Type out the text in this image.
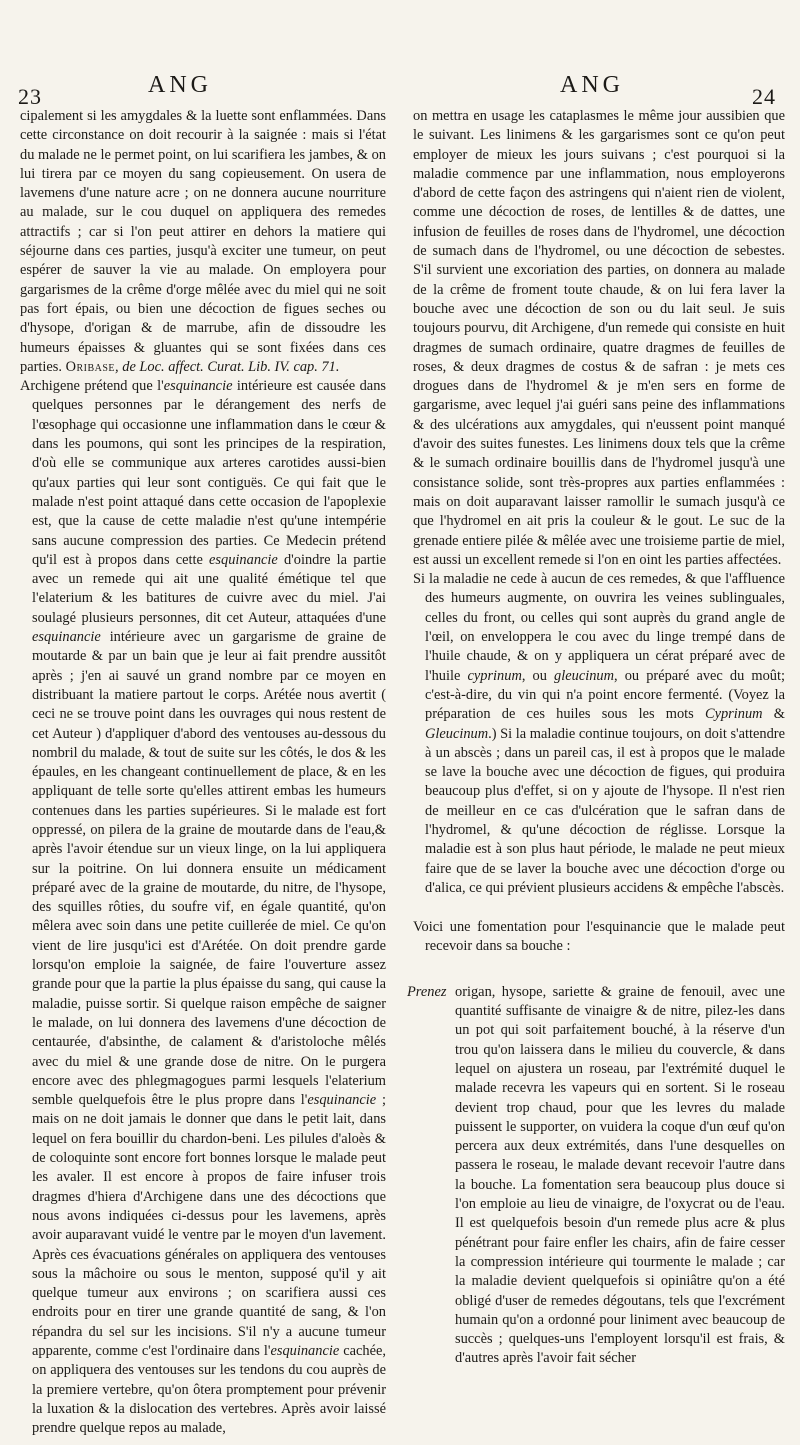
23	ANG	ANG	24

cipalement si les amygdales & la luette sont enflammées. Dans cette circonstance on doit recourir à la saignée : mais si l'état du malade ne le permet point, on lui scarifiera les jambes, & on lui tirera par ce moyen du sang copieusement. On usera de lavemens d'une nature acre ; on ne donnera aucune nourriture au malade, sur le cou duquel on appliquera des remedes attractifs ; car si l'on peut attirer en dehors la matiere qui séjourne dans ces parties, jusqu'à exciter une tumeur, on peut espérer de sauver la vie au malade. On employera pour gargarismes de la crême d'orge mêlée avec du miel qui ne soit pas fort épais, ou bien une décoction de figues seches ou d'hysope, d'origan & de marrube, afin de dissoudre les humeurs épaisses & gluantes qui se sont fixées dans ces parties. Oribase, de Loc. affect. Curat. Lib. IV. cap. 71.

Archigene prétend que l'esquinancie intérieure est causée dans quelques personnes par le dérangement des nerfs de l'œsophage qui occasionne une inflammation dans le cœur & dans les poumons, qui sont les principes de la respiration, d'où elle se communique aux arteres carotides aussi-bien qu'aux parties qui leur sont contiguës. Ce qui fait que le malade n'est point attaqué dans cette occasion de l'apoplexie est, que la cause de cette maladie n'est qu'une intempérie sans aucune compression des parties. Ce Medecin prétend qu'il est à propos dans cette esquinancie d'oindre la partie avec un remede qui ait une qualité émétique tel que l'elaterium & les batitures de cuivre avec du miel. J'ai soulagé plusieurs personnes, dit cet Auteur, attaquées d'une esquinancie intérieure avec un gargarisme de graine de moutarde & par un bain que je leur ai fait prendre aussitôt après ; j'en ai sauvé un grand nombre par ce moyen en distribuant la matiere partout le corps. Arétée nous avertit ( ceci ne se trouve point dans les ouvrages qui nous restent de cet Auteur ) d'appliquer d'abord des ventouses au-dessous du nombril du malade, & tout de suite sur les côtés, le dos & les épaules, en les changeant continuellement de place, & en les appliquant de telle sorte qu'elles attirent embas les humeurs contenues dans les parties supérieures. Si le malade est fort oppressé, on pilera de la graine de moutarde dans de l'eau,& après l'avoir étendue sur un vieux linge, on la lui appliquera sur la poitrine. On lui donnera ensuite un médicament préparé avec de la graine de moutarde, du nitre, de l'hysope, des squilles rôties, du soufre vif, en égale quantité, qu'on mêlera avec soin dans une petite cuillerée de miel. Ce qu'on vient de lire jusqu'ici est d'Arétée. On doit prendre garde lorsqu'on emploie la saignée, de faire l'ouverture assez grande pour que la partie la plus épaisse du sang, qui cause la maladie, puisse sortir. Si quelque raison empêche de saigner le malade, on lui donnera des lavemens d'une décoction de centaurée, d'absinthe, de calament & d'aristoloche mêlés avec du miel & une grande dose de nitre. On le purgera encore avec des phlegmagogues parmi lesquels l'elaterium semble quelquefois être le plus propre dans l'esquinancie ; mais on ne doit jamais le donner que dans le petit lait, dans lequel on fera bouillir du chardon-beni. Les pilules d'aloès & de coloquinte sont encore fort bonnes lorsque le malade peut les avaler. Il est encore à propos de faire infuser trois dragmes d'hiera d'Archigene dans une des décoctions que nous avons indiquées ci-dessus pour les lavemens, après avoir auparavant vuidé le ventre par le moyen d'un lavement. Après ces évacuations générales on appliquera des ventouses sous la mâchoire ou sous le menton, supposé qu'il y ait quelque tumeur aux environs ; on scarifiera aussi ces endroits pour en tirer une grande quantité de sang, & l'on répandra du sel sur les incisions. S'il n'y a aucune tumeur apparente, comme c'est l'ordinaire dans l'esquinancie cachée, on appliquera des ventouses sur les tendons du cou auprès de la premiere vertebre, qu'on ôtera promptement pour prévenir la luxation & la dislocation des vertebres. Après avoir laissé prendre quelque repos au malade,

on mettra en usage les cataplasmes le même jour aussibien que le suivant. Les linimens & les gargarismes sont ce qu'on peut employer de mieux les jours suivans ; c'est pourquoi si la maladie commence par une inflammation, nous employerons d'abord de cette façon des astringens qui n'aient rien de violent, comme une décoction de roses, de lentilles & de dattes, une infusion de feuilles de roses dans de l'hydromel, une décoction de sumach dans de l'hydromel, ou une décoction de sebestes. S'il survient une excoriation des parties, on donnera au malade de la crême de froment toute chaude, & on lui fera laver la bouche avec une décoction de son ou du lait seul. Je suis toujours pourvu, dit Archigene, d'un remede qui consiste en huit dragmes de sumach ordinaire, quatre dragmes de feuilles de roses, & deux dragmes de costus & de safran : je mets ces drogues dans de l'hydromel & je m'en sers en forme de gargarisme, avec lequel j'ai guéri sans peine des inflammations & des ulcérations aux amygdales, qui n'eussent point manqué d'avoir des suites funestes. Les linimens doux tels que la crême & le sumach ordinaire bouillis dans de l'hydromel jusqu'à une consistance solide, sont très-propres aux parties enflammées : mais on doit auparavant laisser ramollir le sumach jusqu'à ce que l'hydromel en ait pris la couleur & le gout. Le suc de la grenade entiere pilée & mêlée avec une troisieme partie de miel, est aussi un excellent remede si l'on en oint les parties affectées.

Si la maladie ne cede à aucun de ces remedes, & que l'affluence des humeurs augmente, on ouvrira les veines sublinguales, celles du front, ou celles qui sont auprès du grand angle de l'œil, on enveloppera le cou avec du linge trempé dans de l'huile chaude, & on y appliquera un cérat préparé avec de l'huile cyprinum, ou gleucinum, ou préparé avec du moût; c'est-à-dire, du vin qui n'a point encore fermenté. (Voyez la préparation de ces huiles sous les mots Cyprinum & Gleucinum.) Si la maladie continue toujours, on doit s'attendre à un abscès ; dans un pareil cas, il est à propos que le malade se lave la bouche avec une décoction de figues, qui produira beaucoup plus d'effet, si on y ajoute de l'hysope. Il n'est rien de meilleur en ce cas d'ulcération que le safran dans de l'hydromel, & qu'une décoction de réglisse. Lorsque la maladie est à son plus haut période, le malade ne peut mieux faire que de se laver la bouche avec une décoction d'orge ou d'alica, ce qui prévient plusieurs accidens & empêche l'abscès.

Voici une fomentation pour l'esquinancie que le malade peut recevoir dans sa bouche :

Prenez origan, hysope, sariette & graine de fenouil, avec une quantité suffisante de vinaigre & de nitre, pilez-les dans un pot qui soit parfaitement bouché, à la réserve d'un trou qu'on laissera dans le milieu du couvercle, & dans lequel on ajustera un roseau, par l'extrémité duquel le malade recevra les vapeurs qui en sortent. Si le roseau devient trop chaud, pour que les levres du malade puissent le supporter, on vuidera la coque d'un œuf qu'on percera aux deux extrémités, dans l'une desquelles on passera le roseau, le malade devant recevoir l'autre dans la bouche. La fomentation sera beaucoup plus douce si l'on emploie au lieu de vinaigre, de l'oxycrat ou de l'eau. Il est quelquefois besoin d'un remede plus acre & plus pénétrant pour faire enfler les chairs, afin de faire cesser la compression intérieure qui tourmente le malade ; car la maladie devient quelquefois si opiniâtre qu'on a été obligé d'user de remedes dégoutans, tels que l'excrément humain qu'on a ordonné pour liniment avec beaucoup de succès ; quelques-uns l'employent lorsqu'il est frais, & d'autres après l'avoir fait sécher
